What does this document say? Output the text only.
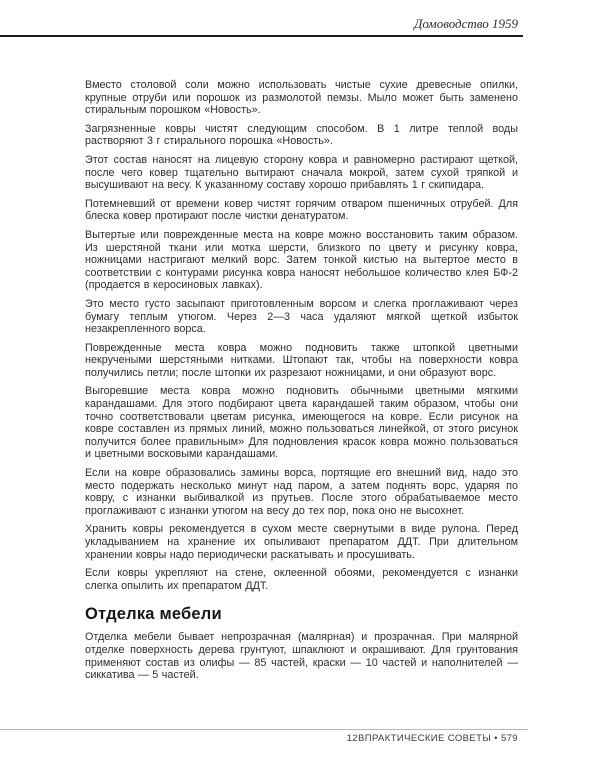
Домоводство 1959

Вместо столовой соли можно использовать чистые сухие древесные опилки, крупные отруби или порошок из размолотой пемзы. Мыло может быть заменено стиральным порошком «Новость».

Загрязненные ковры чистят следующим способом. В 1 литре теплой воды растворяют 3 г стирального порошка «Новость».

Этот состав наносят на лицевую сторону ковра и равномерно растирают щеткой, после чего ковер тщательно вытирают сначала мокрой, затем сухой тряпкой и высушивают на весу. К указанному составу хорошо прибавлять 1 г скипидара.

Потемневший от времени ковер чистят горячим отваром пшеничных отрубей. Для блеска ковер протирают после чистки денатуратом.

Вытертые или поврежденные места на ковре можно восстановить таким образом. Из шерстяной ткани или мотка шерсти, близкого по цвету и рисунку ковра, ножницами настригают мелкий ворс. Затем тонкой кистью на вытертое место в соответствии с контурами рисунка ковра наносят небольшое количество клея БФ-2 (продается в керосиновых лавках).

Это место густо засыпают приготовленным ворсом и слегка проглаживают через бумагу теплым утюгом. Через 2—3 часа удаляют мягкой щеткой избыток незакрепленного ворса.

Поврежденные места ковра можно подновить также штопкой цветными некручеными шерстяными нитками. Штопают так, чтобы на поверхности ковра получились петли; после штопки их разрезают ножницами, и они образуют ворс.

Выгоревшие места ковра можно подновить обычными цветными мягкими карандашами. Для этого подбирают цвета карандашей таким образом, чтобы они точно соответствовали цветам рисунка, имеющегося на ковре. Если рисунок на ковре составлен из прямых линий, можно пользоваться линейкой, от этого рисунок получится более правильным» Для подновления красок ковра можно пользоваться и цветными восковыми карандашами.

Если на ковре образовались замины ворса, портящие его внешний вид, надо это место подержать несколько минут над паром, а затем поднять ворс, ударяя по ковру, с изнанки выбивалкой из прутьев. После этого обрабатываемое место проглаживают с изнанки утюгом на весу до тех пор, пока оно не высохнет.

Хранить ковры рекомендуется в сухом месте свернутыми в виде рулона. Перед укладыванием на хранение их опыливают препаратом ДДТ. При длительном хранении ковры надо периодически раскатывать и просушивать.

Если ковры укрепляют на стене, оклеенной обоями, рекомендуется с изнанки слегка опылить их препаратом ДДТ.

Отделка мебели

Отделка мебели бывает непрозрачная (малярная) и прозрачная. При малярной отделке поверхность дерева грунтуют, шпаклюют и окрашивают. Для грунтования применяют состав из олифы — 85 частей, краски — 10 частей и наполнителей — сиккатива — 5 частей.

12ВПРАКТИЧЕСКИЕ СОВЕТЫ • 579
